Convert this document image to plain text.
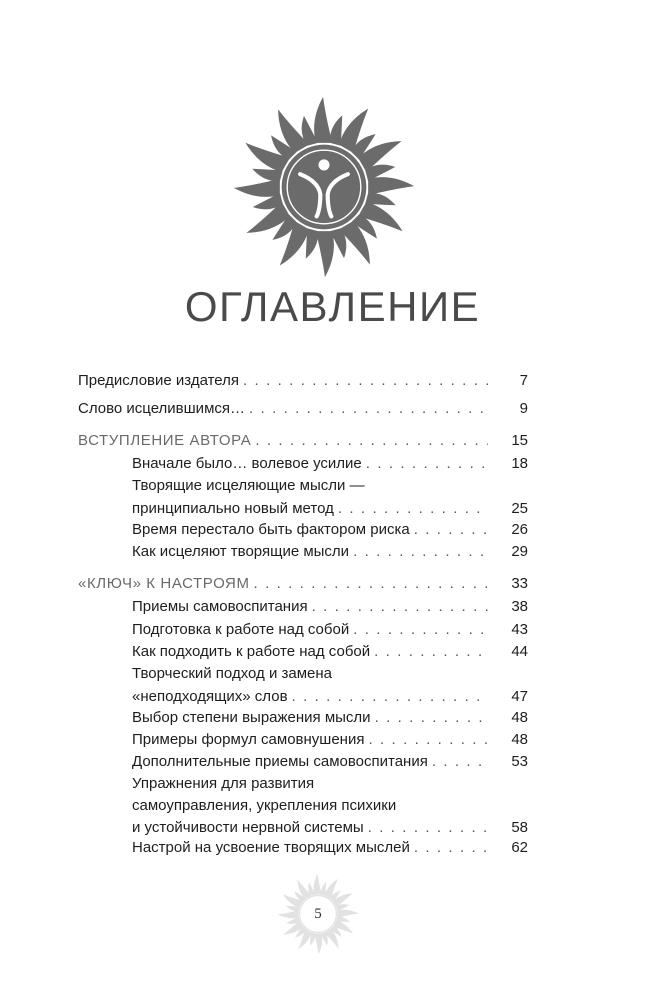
ОГЛАВЛЕНИЕ
Предисловие издателя . . .	7
Слово исцелившимся… . . .	9
ВСТУПЛЕНИЕ АВТОРА . . .	15
Вначале было… волевое усилие . . .	18
Творящие исцеляющие мысли —
принципиально новый метод . . .	25
Время перестало быть фактором риска . . .	26
Как исцеляют творящие мысли . . .	29
«КЛЮЧ» К НАСТРОЯМ . . .	33
Приемы самовоспитания . . .	38
Подготовка к работе над собой . . .	43
Как подходить к работе над собой . . .	44
Творческий подход и замена
«неподходящих» слов . . .	47
Выбор степени выражения мысли . . .	48
Примеры формул самовнушения . . .	48
Дополнительные приемы самовоспитания . . .	53
Упражнения для развития
самоуправления, укрепления психики
и устойчивости нервной системы . . .	58
Настрой на усвоение творящих мыслей . . .	62
5
